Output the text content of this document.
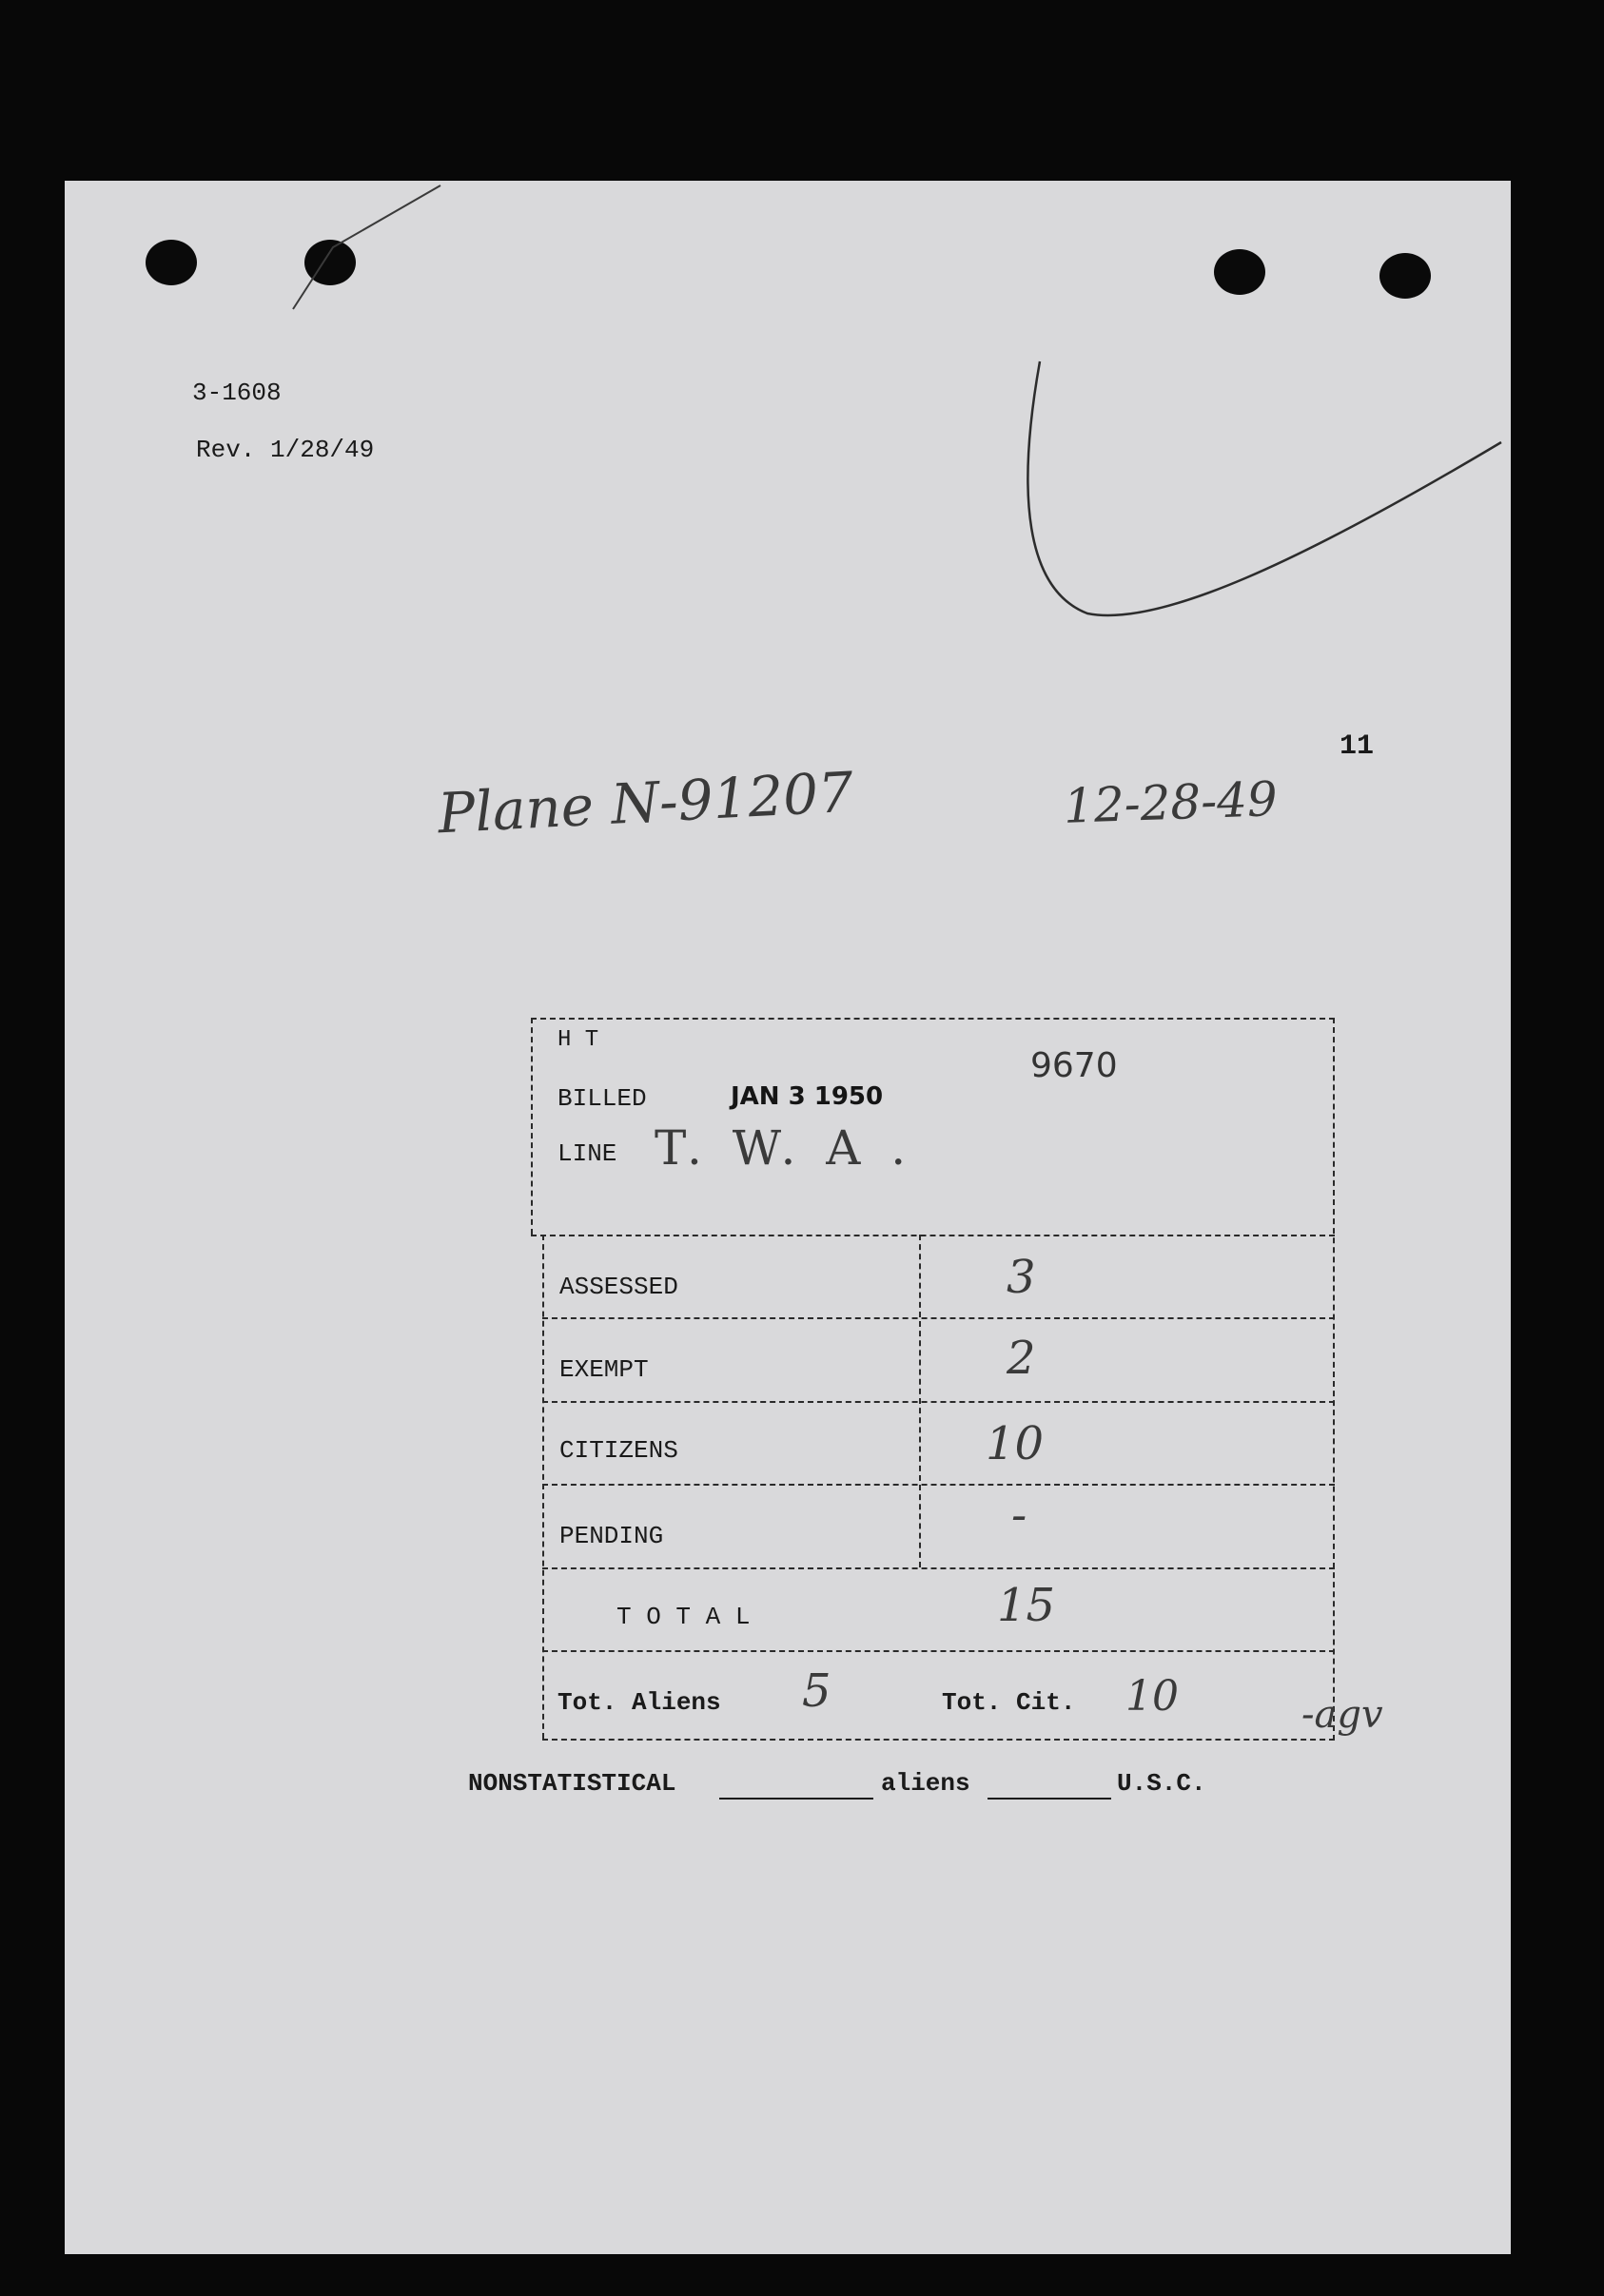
3-1608
Rev. 1/28/49
11
Plane N-91207	12-28-49
H T
BILLED	JAN 3 1950
9670
LINE T. W. A .
ASSESSED	3
EXEMPT	2
CITIZENS	10
PENDING	-
T O T A L	15
Tot. Aliens 5	Tot. Cit. 10	-agv
NONSTATISTICAL	aliens	U.S.C.
